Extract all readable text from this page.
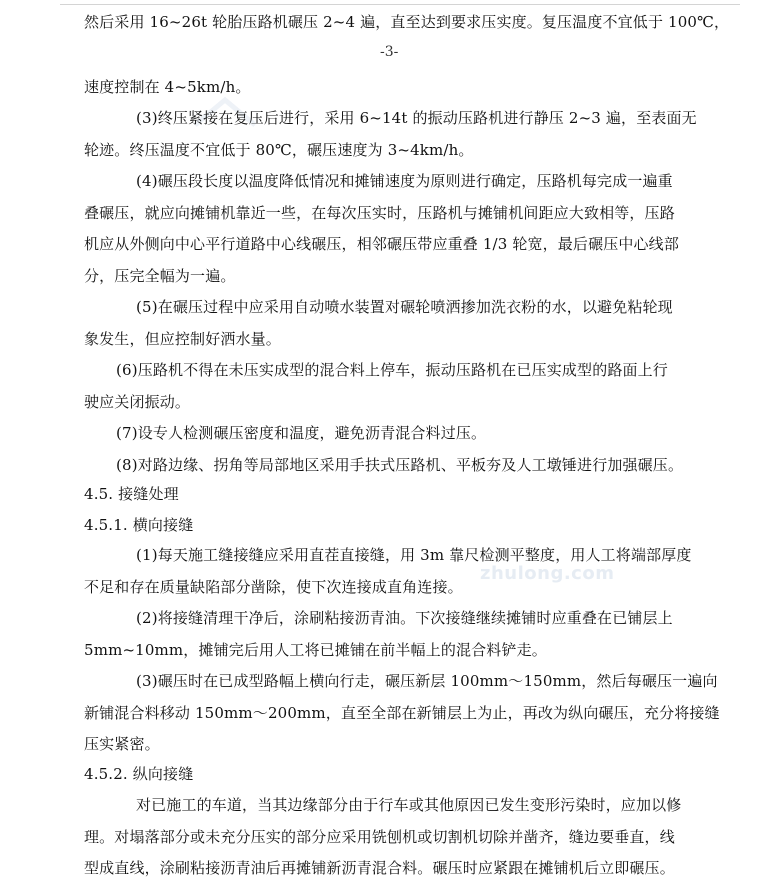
zhulong.com
然后采用 16~26t 轮胎压路机碾压 2~4 遍，直至达到要求压实度。复压温度不宜低于 100℃，
-3-
速度控制在 4~5km/h。
(3)终压紧接在复压后进行，采用 6~14t 的振动压路机进行静压 2~3 遍，至表面无
轮迹。终压温度不宜低于 80℃，碾压速度为 3~4km/h。
(4)碾压段长度以温度降低情况和摊铺速度为原则进行确定，压路机每完成一遍重
叠碾压，就应向摊铺机靠近一些，在每次压实时，压路机与摊铺机间距应大致相等，压路
机应从外侧向中心平行道路中心线碾压，相邻碾压带应重叠 1/3 轮宽，最后碾压中心线部
分，压完全幅为一遍。
(5)在碾压过程中应采用自动喷水装置对碾轮喷洒掺加洗衣粉的水，以避免粘轮现
象发生，但应控制好洒水量。
(6)压路机不得在未压实成型的混合料上停车，振动压路机在已压实成型的路面上行
驶应关闭振动。
(7)设专人检测碾压密度和温度，避免沥青混合料过压。
(8)对路边缘、拐角等局部地区采用手扶式压路机、平板夯及人工墩锤进行加强碾压。
4.5. 接缝处理
4.5.1. 横向接缝
(1)每天施工缝接缝应采用直茬直接缝，用 3m 靠尺检测平整度，用人工将端部厚度
不足和存在质量缺陷部分凿除，使下次连接成直角连接。
(2)将接缝清理干净后，涂刷粘接沥青油。下次接缝继续摊铺时应重叠在已铺层上
5mm~10mm，摊铺完后用人工将已摊铺在前半幅上的混合料铲走。
(3)碾压时在已成型路幅上横向行走，碾压新层 100mm～150mm，然后每碾压一遍向
新铺混合料移动 150mm～200mm，直至全部在新铺层上为止，再改为纵向碾压，充分将接缝
压实紧密。
4.5.2. 纵向接缝
对已施工的车道，当其边缘部分由于行车或其他原因已发生变形污染时，应加以修
理。对塌落部分或未充分压实的部分应采用铣刨机或切割机切除并凿齐，缝边要垂直，线
型成直线，涂刷粘接沥青油后再摊铺新沥青混合料。碾压时应紧跟在摊铺机后立即碾压。
